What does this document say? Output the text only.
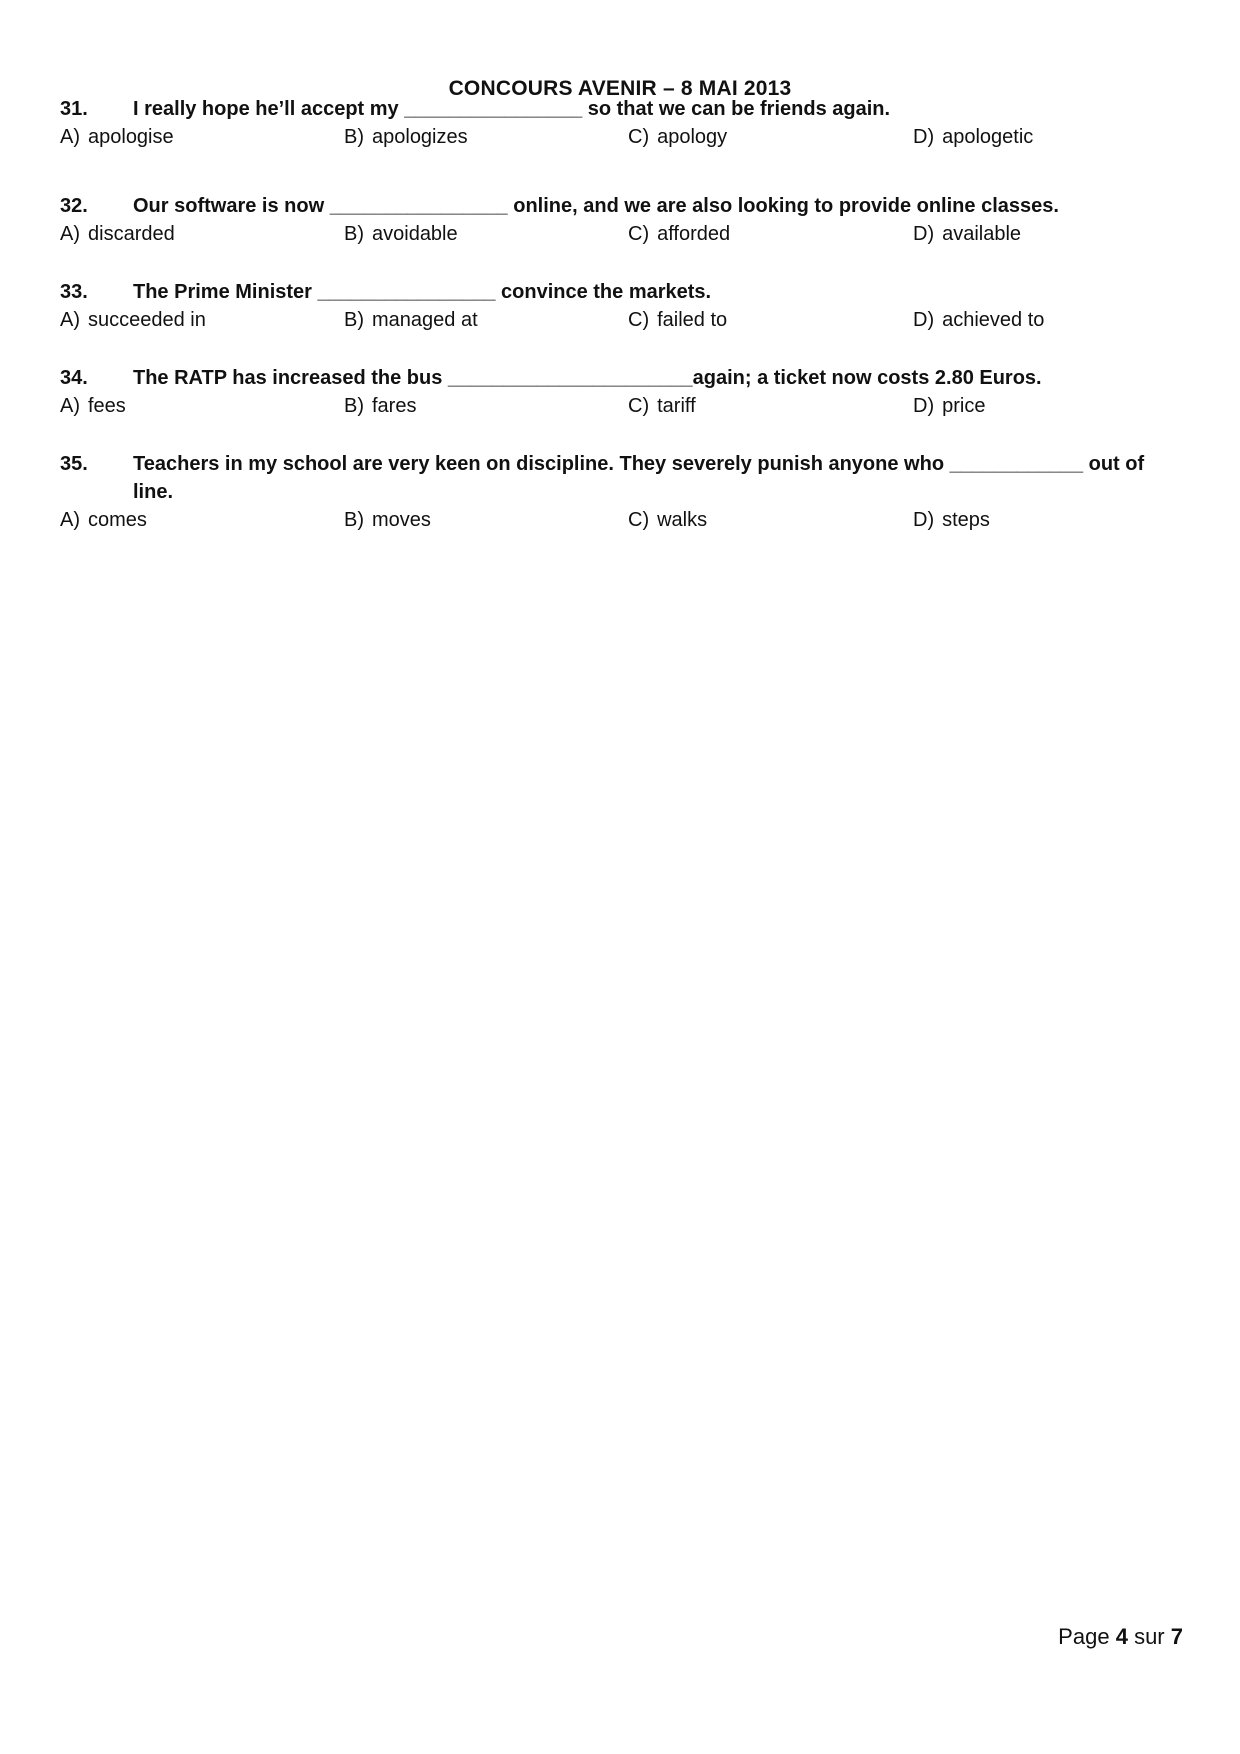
CONCOURS AVENIR – 8 MAI 2013
31.	I really hope he’ll accept my ________________ so that we can be friends again.
A) apologise	B) apologizes	C) apology	D) apologetic
32.	Our software is now ________________ online, and we are also looking to provide online classes.
A) discarded	B) avoidable	C) afforded	D) available
33.	The Prime Minister ________________ convince the markets.
A) succeeded in	B) managed at	C) failed to	D) achieved to
34.	The RATP has increased the bus ______________________again; a ticket now costs 2.80 Euros.
A) fees	B) fares	C) tariff	D) price
35.	Teachers in my school are very keen on discipline. They severely punish anyone who ____________ out of line.
A) comes	B) moves	C) walks	D) steps
Page 4 sur 7
